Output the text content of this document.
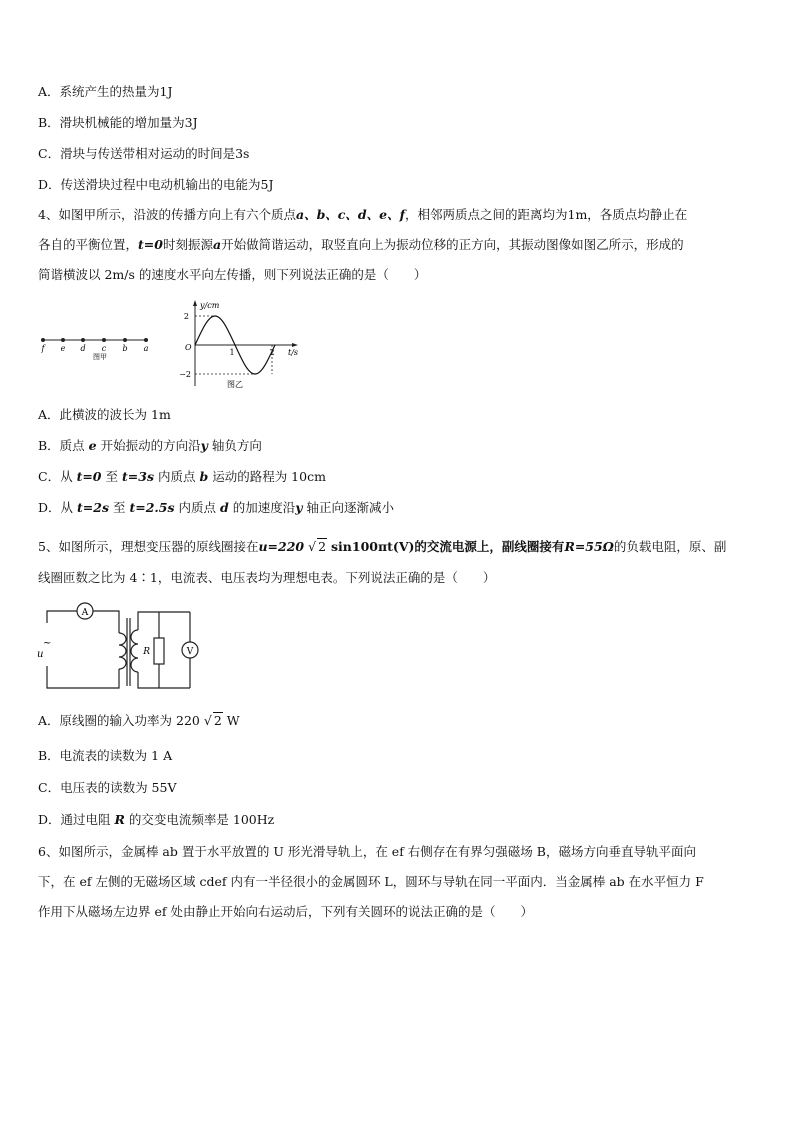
A．系统产生的热量为1J
B．滑块机械能的增加量为3J
C．滑块与传送带相对运动的时间是3s
D．传送滑块过程中电动机输出的电能为5J
4、如图甲所示，沿波的传播方向上有六个质点a、b、c、d、e、f，相邻两质点之间的距离均为1m，各质点均静止在
各自的平衡位置，t=0时刻振源a开始做简谐运动，取竖直向上为振动位移的正方向，其振动图像如图乙所示，形成的
简谐横波以 2m/s 的速度水平向左传播，则下列说法正确的是（　　）
f e d c b a
图甲
y/cm
t/s
O
2
−2
1	2
图乙
A．此横波的波长为 1m
B．质点 e 开始振动的方向沿y 轴负方向
C．从 t=0 至 t=3s 内质点 b 运动的路程为 10cm
D．从 t=2s 至 t=2.5s 内质点 d 的加速度沿y 轴正向逐渐减小
5、如图所示，理想变压器的原线圈接在u=220 √ 2 sin100πt(V)的交流电源上，副线圈接有R=55Ω的负载电阻，原、副
线圈匝数之比为 4∶1，电流表、电压表均为理想电表。下列说法正确的是（　　）
A
V
R
u
~
A．原线圈的输入功率为 220 √ 2 W
B．电流表的读数为 1 A
C．电压表的读数为 55V
D．通过电阻 R 的交变电流频率是 100Hz
6、如图所示，金属棒 ab 置于水平放置的 U 形光滑导轨上，在 ef 右侧存在有界匀强磁场 B，磁场方向垂直导轨平面向
下，在 ef 左侧的无磁场区域 cdef 内有一半径很小的金属圆环 L，圆环与导轨在同一平面内．当金属棒 ab 在水平恒力 F
作用下从磁场左边界 ef 处由静止开始向右运动后，下列有关圆环的说法正确的是（　　）
